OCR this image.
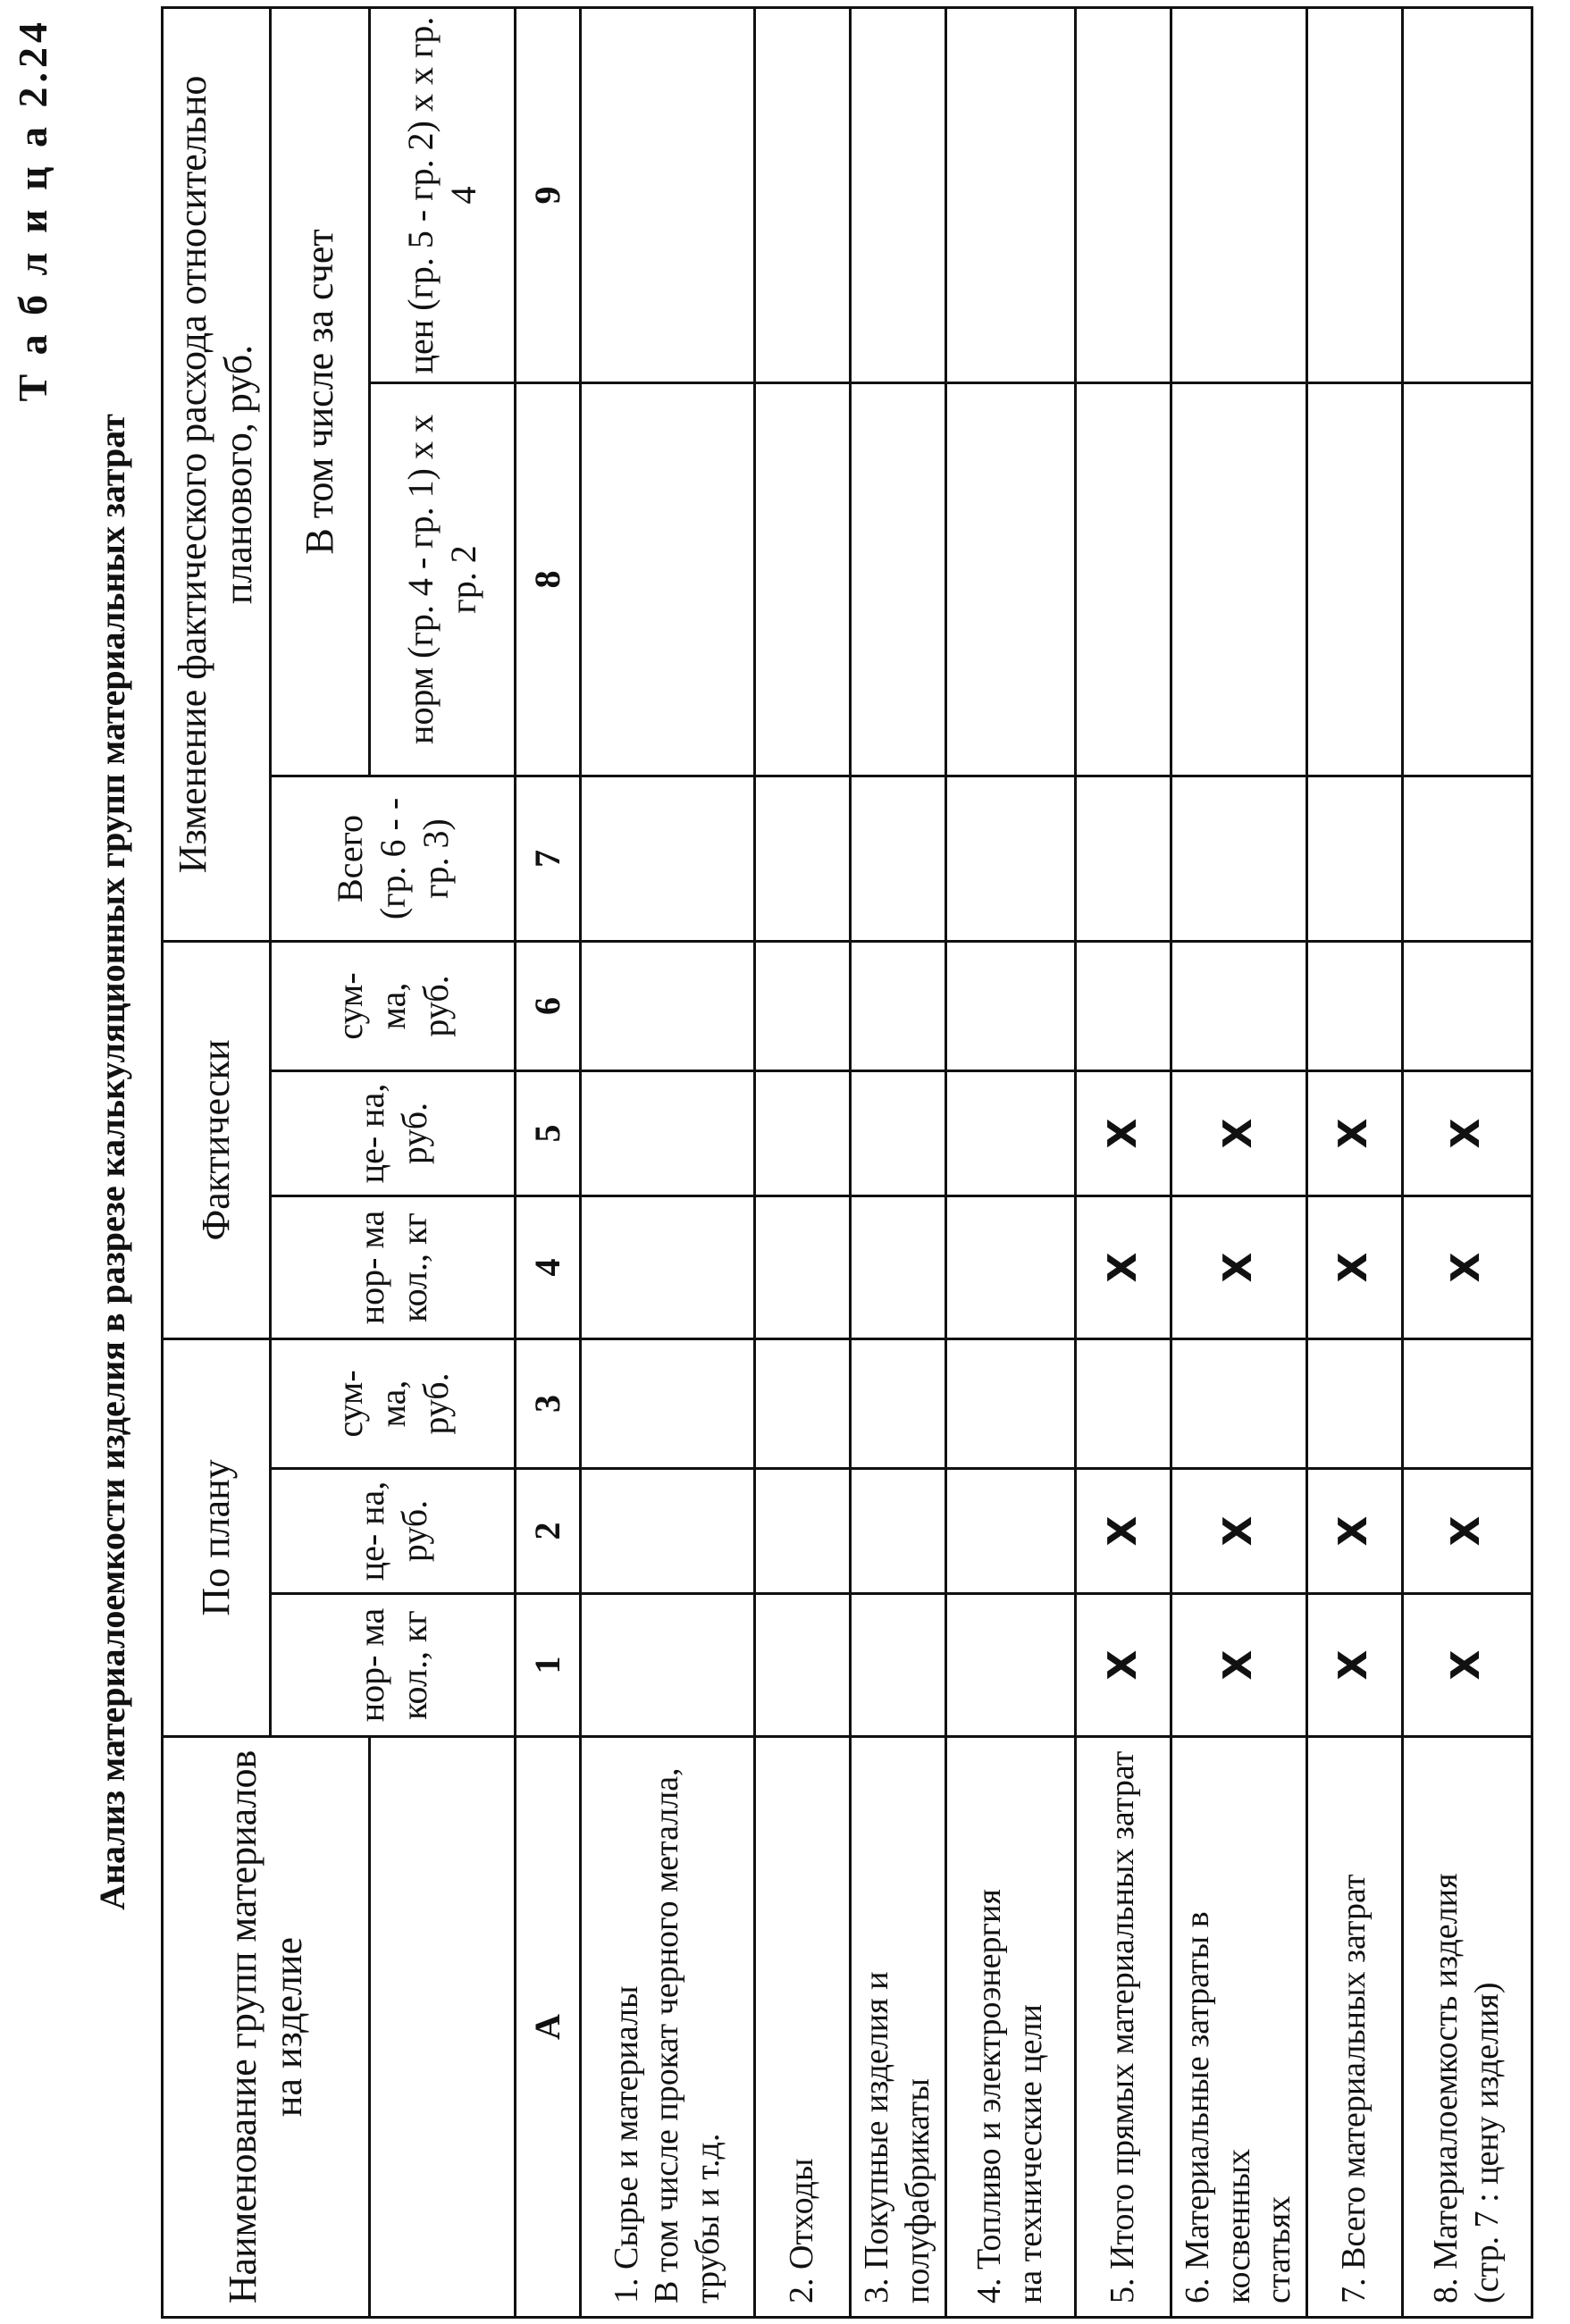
Т а б л и ц а 2.24
Анализ материалоемкости изделия в разрезе калькуляционных групп материальных затрат
Наименование групп материалов на изделие	По плану			Фактически			Изменение фактического расхода относительно планового, руб.		
	нор- ма кол., кг	це- на, руб.	сум- ма, руб.	нор- ма кол., кг	це- на, руб.	сум- ма, руб.	Всего (гр. 6 - - гр. 3)	В том числе за счет	
								норм (гр. 4 - гр. 1) х х гр. 2	цен (гр. 5 - гр. 2) х х гр. 4
А	1	2	3	4	5	6	7	8	9

1. Сырье и материалы В том числе прокат черного металла, трубы и т.д.									

2. Отходы									

3. Покупные изделия и полуфабрикаты									

4. Топливо и электроэнергия на технические цели									

5. Итого прямых материальных затрат	Х	Х		Х	Х				

6. Материальные затраты в косвенных статьях	Х	Х		Х	Х				

7. Всего материальных затрат	Х	Х		Х	Х				

8. Материалоемкость изделия (стр. 7 : цену изделия)	Х	Х		Х	Х				
